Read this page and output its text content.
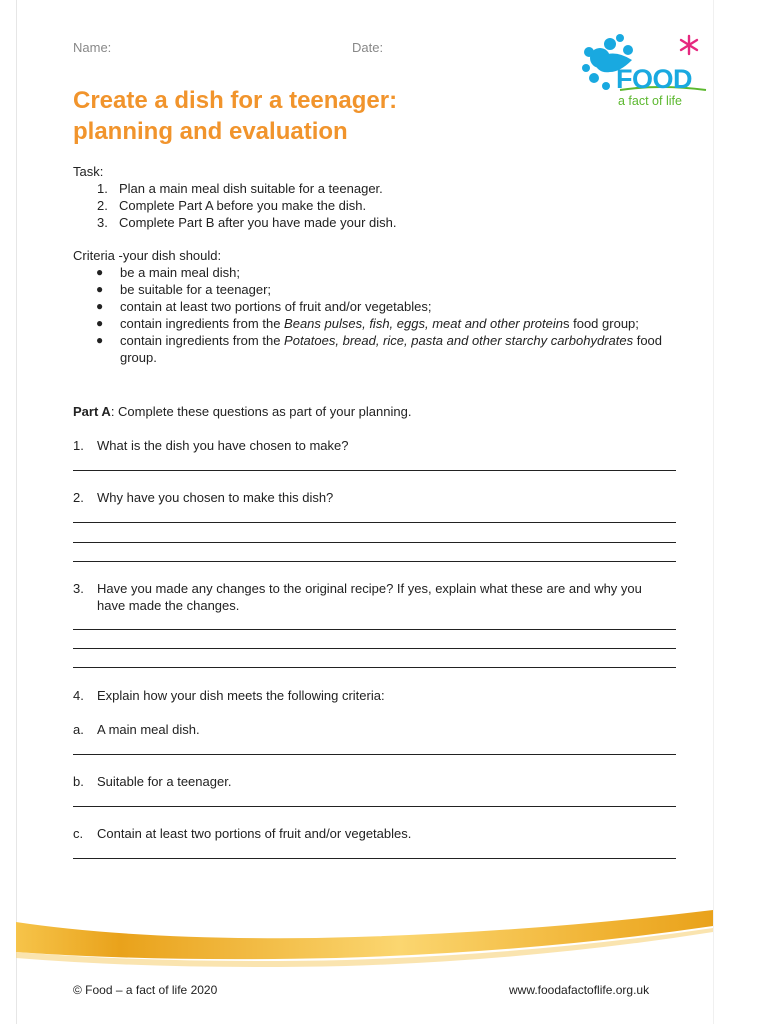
Name:	Date:
FOOD
a fact of life
Create a dish for a teenager:
planning and evaluation

Task:

1. Plan a main meal dish suitable for a teenager.
2. Complete Part A before you make the dish.
3. Complete Part B after you have made your dish.

Criteria -your dish should:

● be a main meal dish;
● be suitable for a teenager;
● contain at least two portions of fruit and/or vegetables;
● contain ingredients from the Beans pulses, fish, eggs, meat and other proteins food group;
● contain ingredients from the Potatoes, bread, rice, pasta and other starchy carbohydrates food group.

Part A: Complete these questions as part of your planning.

1. What is the dish you have chosen to make?
2. Why have you chosen to make this dish?
3. Have you made any changes to the original recipe? If yes, explain what these are and why you have made the changes.
4. Explain how your dish meets the following criteria:
a. A main meal dish.
b. Suitable for a teenager.
c. Contain at least two portions of fruit and/or vegetables.
© Food – a fact of life 2020	www.foodafactoflife.org.uk
